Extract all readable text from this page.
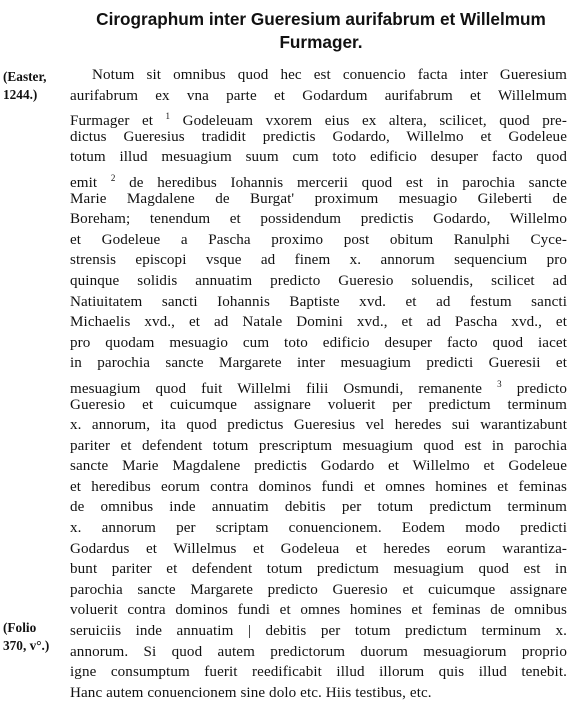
Cirographum inter Gueresium aurifabrum et Willelmum Furmager.
(Easter,
1244.)
(Folio
370, v°.)
Notum sit omnibus quod hec est conuencio facta inter Gueresium
aurifabrum ex vna parte et Godardum aurifabrum et Willelmum
Furmager et $^1$ Godeleuam vxorem eius ex altera, scilicet, quod pre-
dictus Gueresius tradidit predictis Godardo, Willelmo et Godeleue
totum illud mesuagium suum cum toto edificio desuper facto quod
emit $^2$ de heredibus Iohannis mercerii quod est in parochia sancte
Marie Magdalene de Burgat' proximum mesuagio Gileberti de
Boreham; tenendum et possidendum predictis Godardo, Willelmo
et Godeleue a Pascha proximo post obitum Ranulphi Cyce-
strensis episcopi vsque ad finem x. annorum sequencium pro
quinque solidis annuatim predicto Gueresio soluendis, scilicet ad
Natiuitatem sancti Iohannis Baptiste xvd. et ad festum sancti
Michaelis xvd., et ad Natale Domini xvd., et ad Pascha xvd., et
pro quodam mesuagio cum toto edificio desuper facto quod iacet
in parochia sancte Margarete inter mesuagium predicti Gueresii et
mesuagium quod fuit Willelmi filii Osmundi, remanente $^3$ predicto
Gueresio et cuicumque assignare voluerit per predictum terminum
x. annorum, ita quod predictus Gueresius vel heredes sui warantizabunt
pariter et defendent totum prescriptum mesuagium quod est in parochia
sancte Marie Magdalene predictis Godardo et Willelmo et Godeleue
et heredibus eorum contra dominos fundi et omnes homines et feminas
de omnibus inde annuatim debitis per totum predictum terminum
x. annorum per scriptam conuencionem. Eodem modo predicti
Godardus et Willelmus et Godeleua et heredes eorum warantiza-
bunt pariter et defendent totum predictum mesuagium quod est in
parochia sancte Margarete predicto Gueresio et cuicumque assignare
voluerit contra dominos fundi et omnes homines et feminas de omnibus
seruiciis inde annuatim | debitis per totum predictum terminum x.
annorum. Si quod autem predictorum duorum mesuagiorum proprio
igne consumptum fuerit reedificabit illud illorum quis illud tenebit.
Hanc autem conuencionem sine dolo etc. Hiis testibus, etc.
